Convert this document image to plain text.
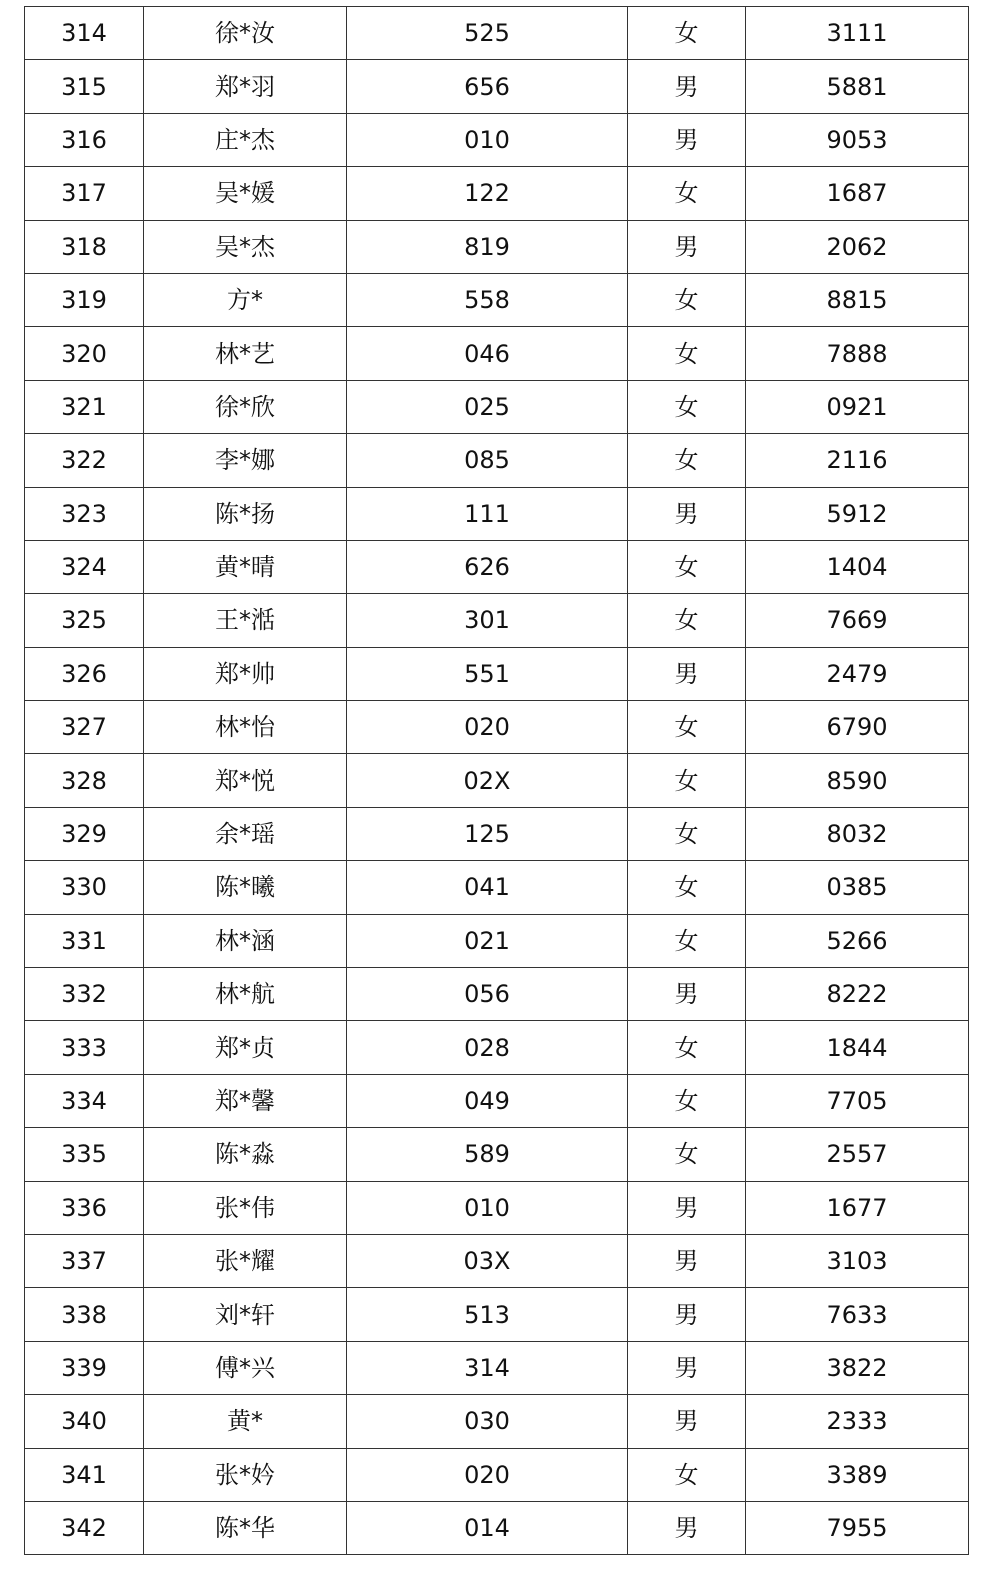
314	徐*汝	525	女	3111
315	郑*羽	656	男	5881
316	庄*杰	010	男	9053
317	吴*媛	122	女	1687
318	吴*杰	819	男	2062
319	方*	558	女	8815
320	林*艺	046	女	7888
321	徐*欣	025	女	0921
322	李*娜	085	女	2116
323	陈*扬	111	男	5912
324	黄*晴	626	女	1404
325	王*湉	301	女	7669
326	郑*帅	551	男	2479
327	林*怡	020	女	6790
328	郑*悦	02X	女	8590
329	余*瑶	125	女	8032
330	陈*曦	041	女	0385
331	林*涵	021	女	5266
332	林*航	056	男	8222
333	郑*贞	028	女	1844
334	郑*馨	049	女	7705
335	陈*淼	589	女	2557
336	张*伟	010	男	1677
337	张*耀	03X	男	3103
338	刘*轩	513	男	7633
339	傅*兴	314	男	3822
340	黄*	030	男	2333
341	张*妗	020	女	3389
342	陈*华	014	男	7955
